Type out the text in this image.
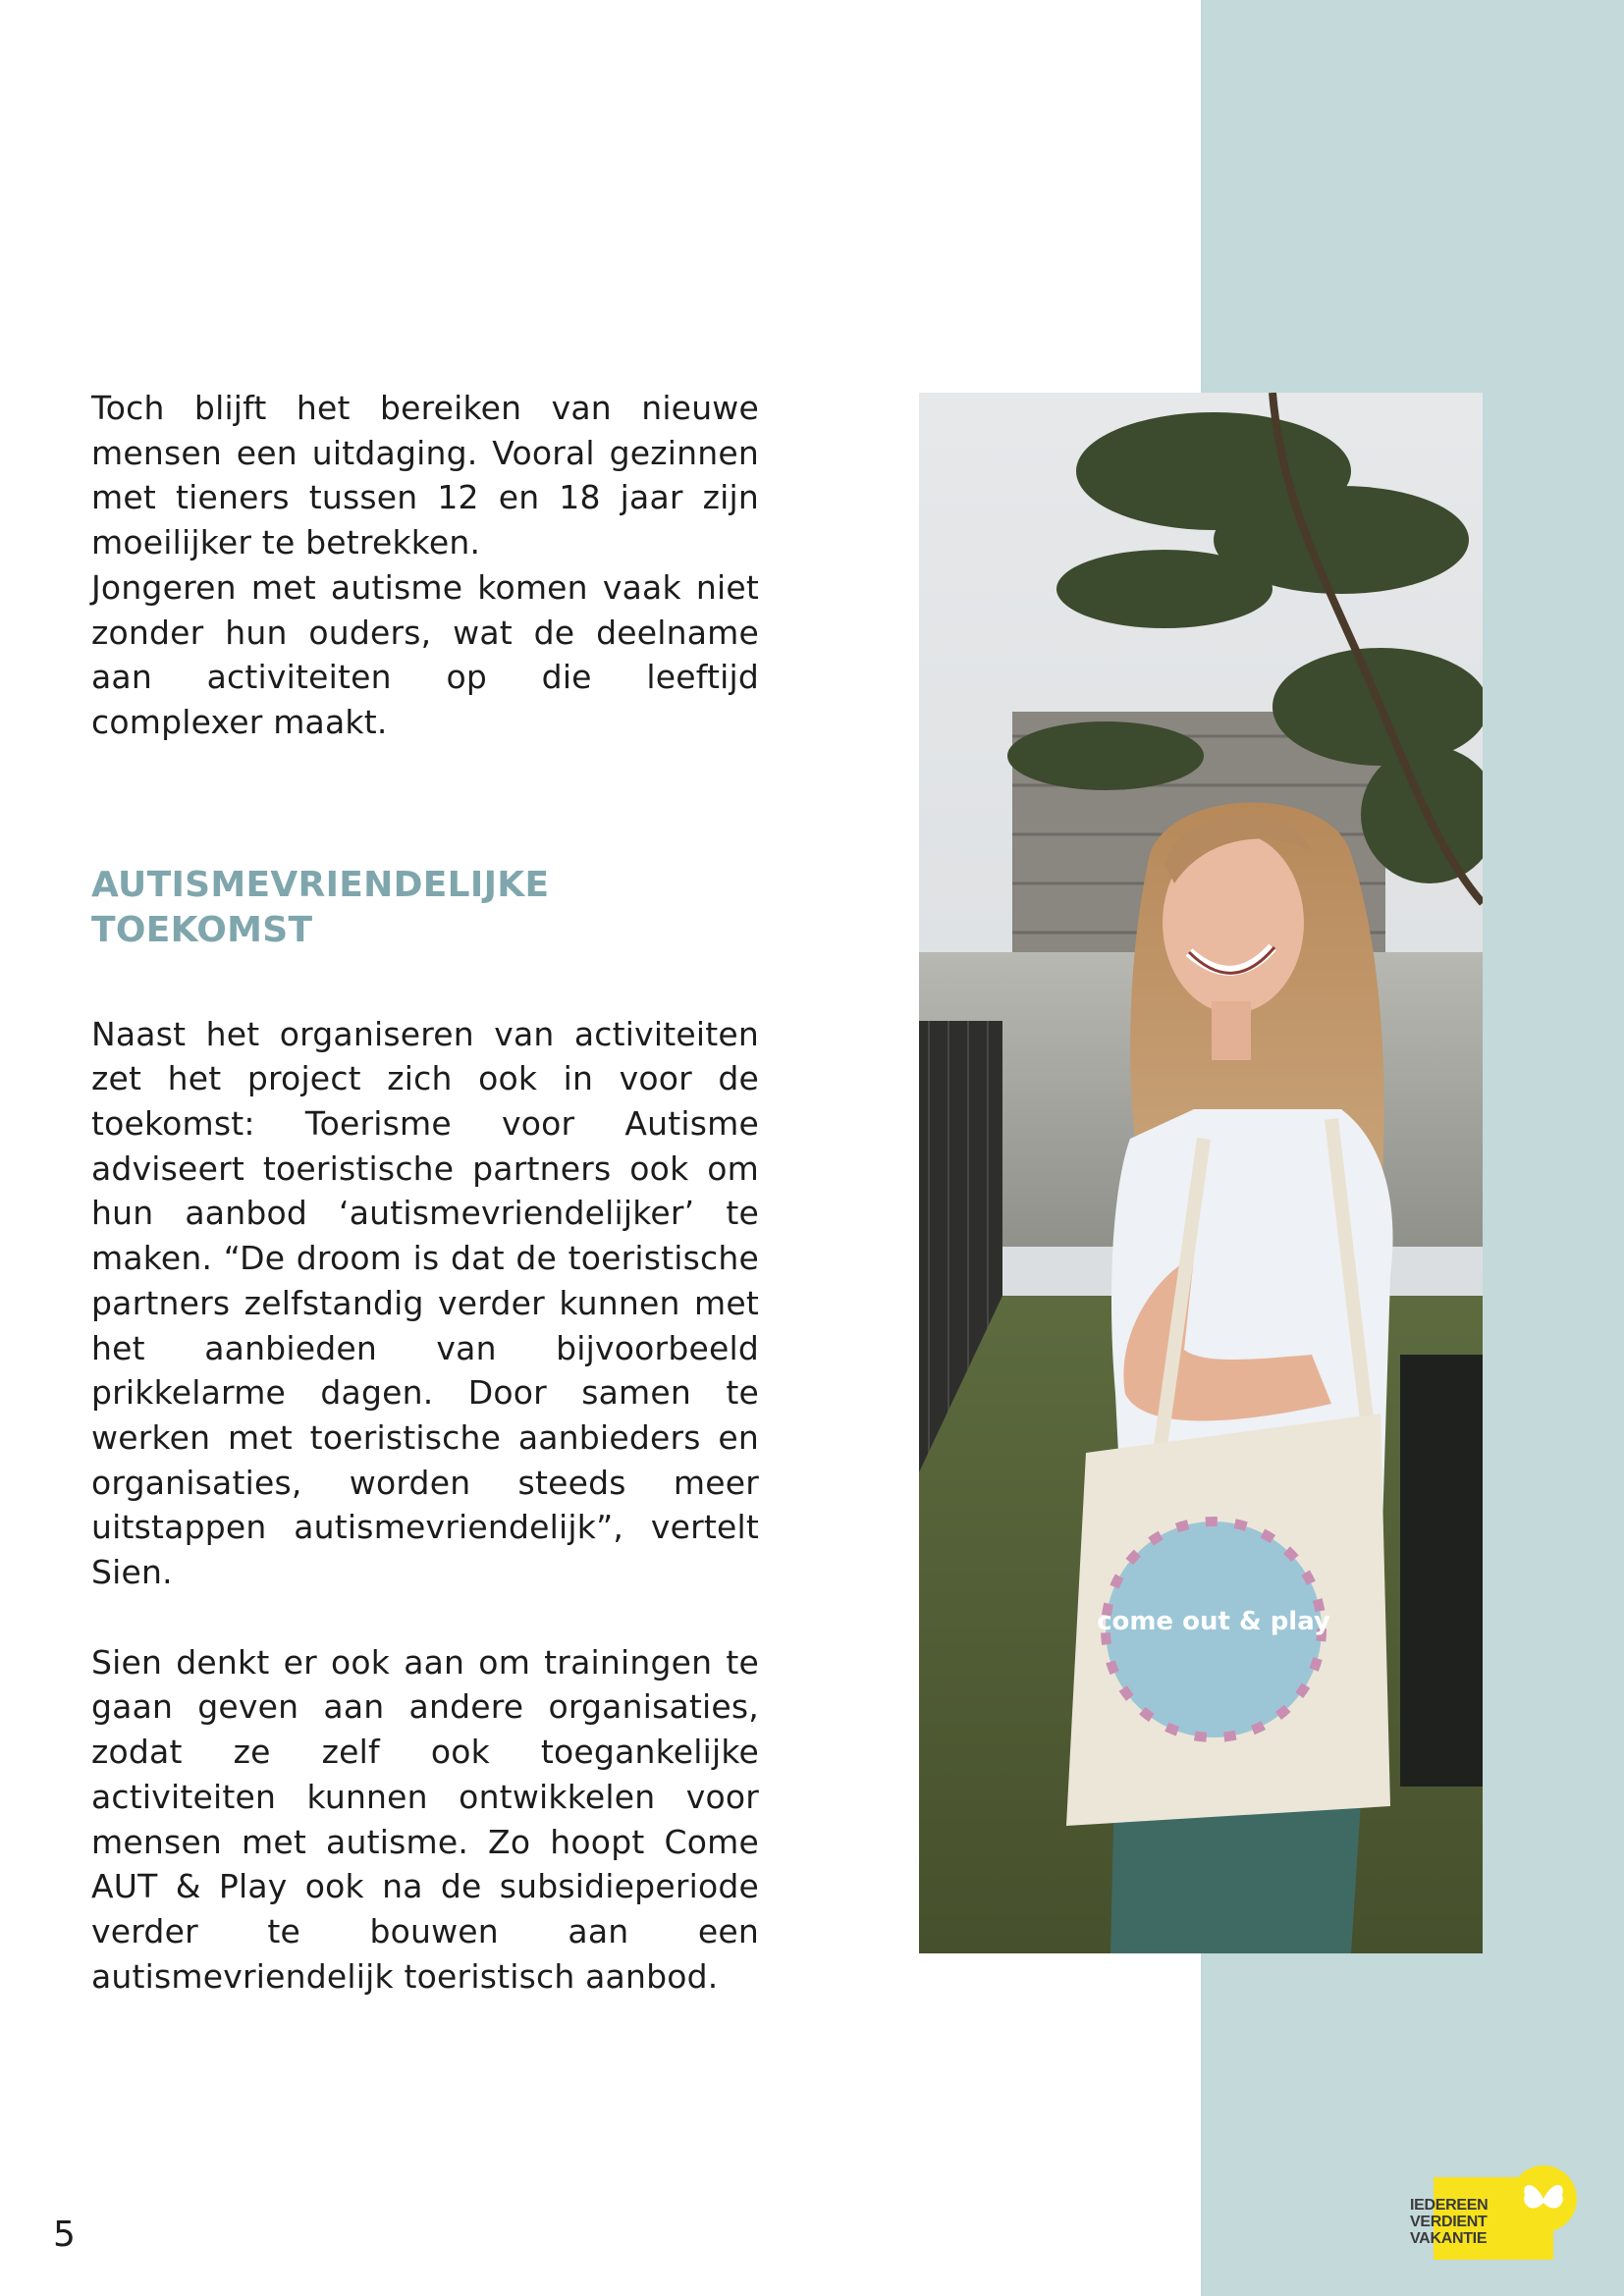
Toch blijft het bereiken van nieuwe mensen een uitdaging. Vooral gezinnen met tieners tussen 12 en 18 jaar zijn moeilijker te betrekken.

Jongeren met autisme komen vaak niet zonder hun ouders, wat de deelname aan activiteiten op die leeftijd complexer maakt.

AUTISMEVRIENDELIJKE TOEKOMST

Naast het organiseren van activiteiten zet het project zich ook in voor de toekomst: Toerisme voor Autisme adviseert toeristische partners ook om hun aanbod ‘autismevriendelijker’ te maken. “De droom is dat de toeristische partners zelfstandig verder kunnen met het aanbieden van bijvoorbeeld prikkelarme dagen. Door samen te werken met toeristische aanbieders en organisaties, worden steeds meer uitstappen autismevriendelijk”, vertelt Sien.

Sien denkt er ook aan om trainingen te gaan geven aan andere organisaties, zodat ze zelf ook toegankelijke activiteiten kunnen ontwikkelen voor mensen met autisme. Zo hoopt Come AUT & Play ook na de subsidieperiode verder te bouwen aan een autismevriendelijk toeristisch aanbod.

come out & play
5
IEDEREEN
VERDIENT
VAKANTIE
